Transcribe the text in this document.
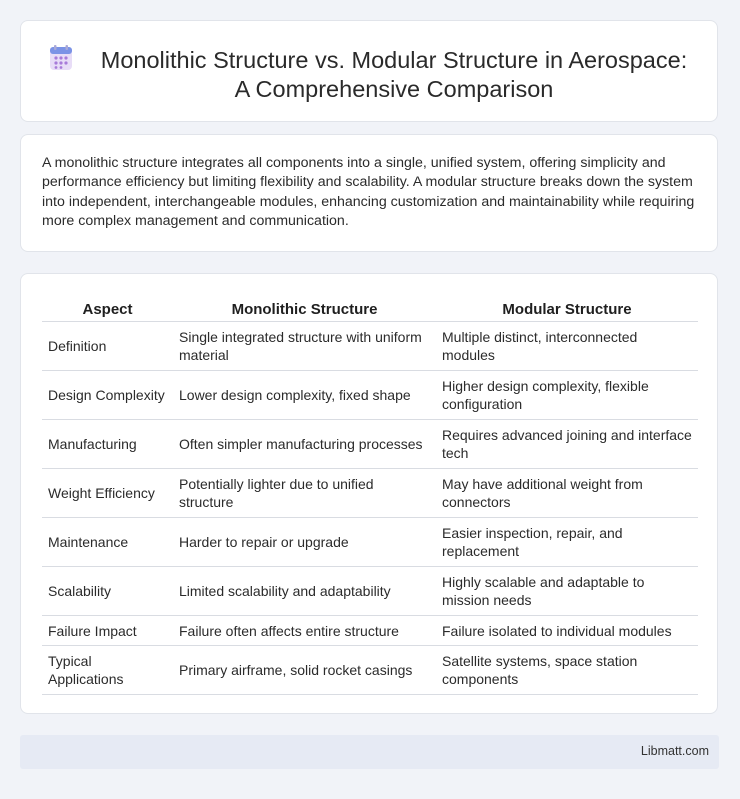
Monolithic Structure vs. Modular Structure in Aerospace: A Comprehensive Comparison

A monolithic structure integrates all components into a single, unified system, offering simplicity and performance efficiency but limiting flexibility and scalability. A modular structure breaks down the system into independent, interchangeable modules, enhancing customization and maintainability while requiring more complex management and communication.

Aspect	Monolithic Structure	Modular Structure
Definition	Single integrated structure with uniform material	Multiple distinct, interconnected modules
Design Complexity	Lower design complexity, fixed shape	Higher design complexity, flexible configuration
Manufacturing	Often simpler manufacturing processes	Requires advanced joining and interface tech
Weight Efficiency	Potentially lighter due to unified structure	May have additional weight from connectors
Maintenance	Harder to repair or upgrade	Easier inspection, repair, and replacement
Scalability	Limited scalability and adaptability	Highly scalable and adaptable to mission needs
Failure Impact	Failure often affects entire structure	Failure isolated to individual modules
Typical Applications	Primary airframe, solid rocket casings	Satellite systems, space station components
Libmatt.com
